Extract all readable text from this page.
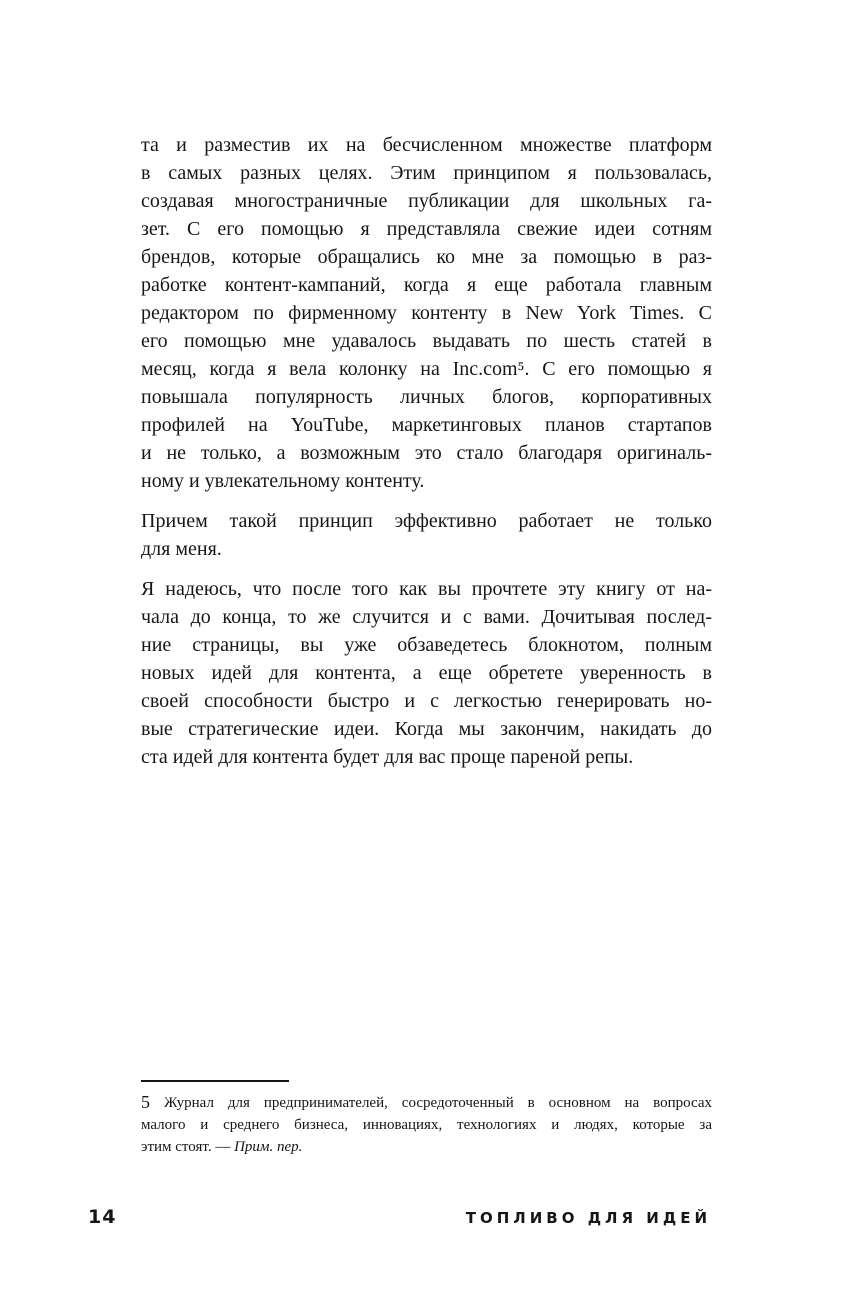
та и разместив их на бесчисленном множестве платформ
в самых разных целях. Этим принципом я пользовалась,
создавая многостраничные публикации для школьных га-
зет. С его помощью я представляла свежие идеи сотням
брендов, которые обращались ко мне за помощью в раз-
работке контент-кампаний, когда я еще работала главным
редактором по фирменному контенту в New York Times. С
его помощью мне удавалось выдавать по шесть статей в
месяц, когда я вела колонку на Inc.com⁵. С его помощью я
повышала популярность личных блогов, корпоративных
профилей на YouTube, маркетинговых планов стартапов
и не только, а возможным это стало благодаря оригиналь-
ному и увлекательному контенту.
Причем такой принцип эффективно работает не только
для меня.
Я надеюсь, что после того как вы прочтете эту книгу от на-
чала до конца, то же случится и с вами. Дочитывая послед-
ние страницы, вы уже обзаведетесь блокнотом, полным
новых идей для контента, а еще обретете уверенность в
своей способности быстро и с легкостью генерировать но-
вые стратегические идеи. Когда мы закончим, накидать до
ста идей для контента будет для вас проще пареной репы.
5 Журнал для предпринимателей, сосредоточенный в основном на вопросах
малого и среднего бизнеса, инновациях, технологиях и людях, которые за
этим стоят. — Прим. пер.
14	ТОПЛИВО ДЛЯ ИДЕЙ
